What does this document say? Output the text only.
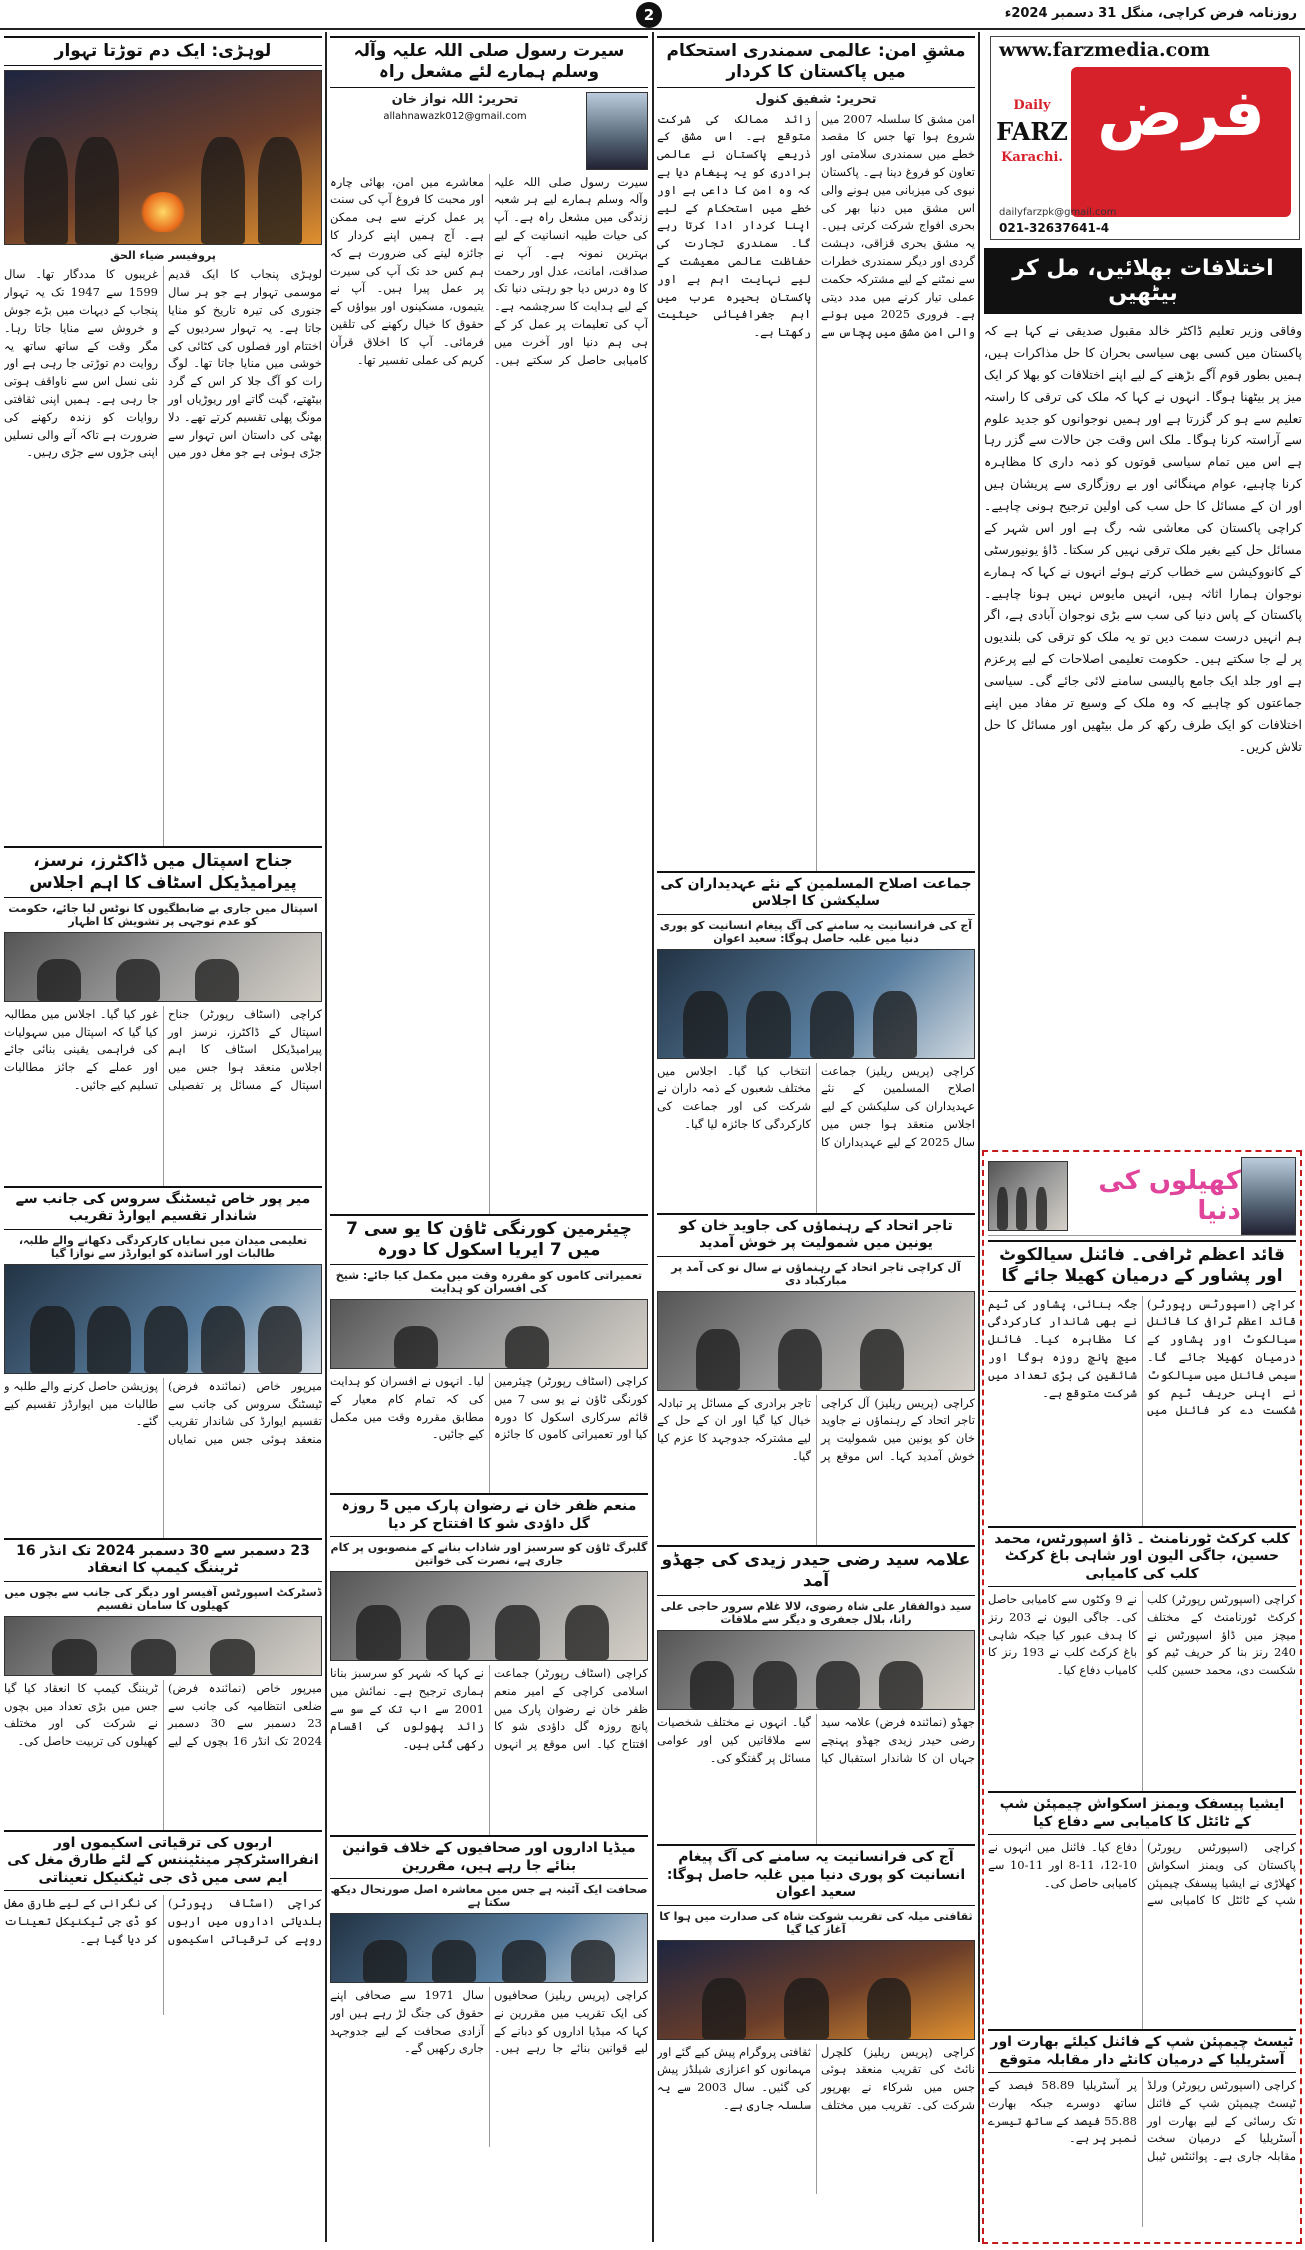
روزنامہ فرض کراچی، منگل 31 دسمبر 2024ء
2
www.farzmedia.com
Daily
FARZ
Karachi.
فرض
dailyfarzpk@gmail.com
021-32637641-4
اختلافات بھلائیں، مل کر بیٹھیں
وفاقی وزیر تعلیم ڈاکٹر خالد مقبول صدیقی نے کہا ہے کہ پاکستان میں کسی بھی سیاسی بحران کا حل مذاکرات ہیں، ہمیں بطور قوم آگے بڑھنے کے لیے اپنے اختلافات کو بھلا کر ایک میز پر بیٹھنا ہوگا۔ انہوں نے کہا کہ ملک کی ترقی کا راستہ تعلیم سے ہو کر گزرتا ہے اور ہمیں نوجوانوں کو جدید علوم سے آراستہ کرنا ہوگا۔ ملک اس وقت جن حالات سے گزر رہا ہے اس میں تمام سیاسی قوتوں کو ذمہ داری کا مظاہرہ کرنا چاہیے، عوام مہنگائی اور بے روزگاری سے پریشان ہیں اور ان کے مسائل کا حل سب کی اولین ترجیح ہونی چاہیے۔ کراچی پاکستان کی معاشی شہ رگ ہے اور اس شہر کے مسائل حل کیے بغیر ملک ترقی نہیں کر سکتا۔ ڈاؤ یونیورسٹی کے کانووکیشن سے خطاب کرتے ہوئے انہوں نے کہا کہ ہمارے نوجوان ہمارا اثاثہ ہیں، انہیں مایوس نہیں ہونا چاہیے۔ پاکستان کے پاس دنیا کی سب سے بڑی نوجوان آبادی ہے، اگر ہم انہیں درست سمت دیں تو یہ ملک کو ترقی کی بلندیوں پر لے جا سکتے ہیں۔ حکومت تعلیمی اصلاحات کے لیے پرعزم ہے اور جلد ایک جامع پالیسی سامنے لائی جائے گی۔ سیاسی جماعتوں کو چاہیے کہ وہ ملک کے وسیع تر مفاد میں اپنے اختلافات کو ایک طرف رکھ کر مل بیٹھیں اور مسائل کا حل تلاش کریں۔
کھیلوں کی دنیا
قائد اعظم ٹرافی۔ فائنل سیالکوٹ اور پشاور کے درمیان کھیلا جائے گا
کراچی (اسپورٹس رپورٹر) قائد اعظم ٹرافی کا فائنل سیالکوٹ اور پشاور کے درمیان کھیلا جائے گا۔ سیمی فائنل میں سیالکوٹ نے اپنی حریف ٹیم کو شکست دے کر فائنل میں جگہ بنائی، پشاور کی ٹیم نے بھی شاندار کارکردگی کا مظاہرہ کیا۔ فائنل میچ پانچ روزہ ہوگا اور شائقین کی بڑی تعداد میں شرکت متوقع ہے۔
کلب کرکٹ ٹورنامنٹ ۔ ڈاؤ اسپورٹس، محمد حسین، جاگی الیون اور شاہی باغ کرکٹ کلب کی کامیابی
کراچی (اسپورٹس رپورٹر) کلب کرکٹ ٹورنامنٹ کے مختلف میچز میں ڈاؤ اسپورٹس نے 240 رنز بنا کر حریف ٹیم کو شکست دی، محمد حسین کلب نے 9 وکٹوں سے کامیابی حاصل کی۔ جاگی الیون نے 203 رنز کا ہدف عبور کیا جبکہ شاہی باغ کرکٹ کلب نے 193 رنز کا کامیاب دفاع کیا۔
ایشیا پیسفک ویمنز اسکواش چیمپئن شپ کے ٹائٹل کا کامیابی سے دفاع کیا
کراچی (اسپورٹس رپورٹر) پاکستان کی ویمنز اسکواش کھلاڑی نے ایشیا پیسفک چیمپئن شپ کے ٹائٹل کا کامیابی سے دفاع کیا۔ فائنل میں انہوں نے 10-12، 11-8 اور 11-10 سے کامیابی حاصل کی۔
ٹیسٹ چیمپئن شپ کے فائنل کیلئے بھارت اور آسٹریلیا کے درمیان کانٹے دار مقابلہ متوقع
کراچی (اسپورٹس رپورٹر) ورلڈ ٹیسٹ چیمپئن شپ کے فائنل تک رسائی کے لیے بھارت اور آسٹریلیا کے درمیان سخت مقابلہ جاری ہے۔ پوائنٹس ٹیبل پر آسٹریلیا 58.89 فیصد کے ساتھ دوسرے جبکہ بھارت 55.88 فیصد کے ساتھ تیسرے نمبر پر ہے۔
مشقِ امن: عالمی سمندری استحکام میں پاکستان کا کردار
تحریر: شفیق کنول
امن مشق کا سلسلہ 2007 میں شروع ہوا تھا جس کا مقصد خطے میں سمندری سلامتی اور تعاون کو فروغ دینا ہے۔ پاکستان نیوی کی میزبانی میں ہونے والی اس مشق میں دنیا بھر کی بحری افواج شرکت کرتی ہیں۔ یہ مشق بحری قزاقی، دہشت گردی اور دیگر سمندری خطرات سے نمٹنے کے لیے مشترکہ حکمت عملی تیار کرنے میں مدد دیتی ہے۔ فروری 2025 میں ہونے والی امن مشق میں پچاس سے زائد ممالک کی شرکت متوقع ہے۔ اس مشق کے ذریعے پاکستان نے عالمی برادری کو یہ پیغام دیا ہے کہ وہ امن کا داعی ہے اور خطے میں استحکام کے لیے اپنا کردار ادا کرتا رہے گا۔ سمندری تجارت کی حفاظت عالمی معیشت کے لیے نہایت اہم ہے اور پاکستان بحیرہ عرب میں اہم جغرافیائی حیثیت رکھتا ہے۔
جماعت اصلاح المسلمین کے نئے عہدیداران کی سلیکشن کا اجلاس
آج کی فرانسانیت یہ سامنے کی آگ پیغام انسانیت کو پوری دنیا میں غلبہ حاصل ہوگا: سعید اعوان
کراچی (پریس ریلیز) جماعت اصلاح المسلمین کے نئے عہدیداران کی سلیکشن کے لیے اجلاس منعقد ہوا جس میں سال 2025 کے لیے عہدیداران کا انتخاب کیا گیا۔ اجلاس میں مختلف شعبوں کے ذمہ داران نے شرکت کی اور جماعت کی کارکردگی کا جائزہ لیا گیا۔
تاجر اتحاد کے رہنماؤں کی جاوید خان کو یونین میں شمولیت پر خوش آمدید
آل کراچی تاجر اتحاد کے رہنماؤں نے سال نو کی آمد پر مبارکباد دی
کراچی (پریس ریلیز) آل کراچی تاجر اتحاد کے رہنماؤں نے جاوید خان کو یونین میں شمولیت پر خوش آمدید کہا۔ اس موقع پر تاجر برادری کے مسائل پر تبادلہ خیال کیا گیا اور ان کے حل کے لیے مشترکہ جدوجہد کا عزم کیا گیا۔
علامہ سید رضی حیدر زیدی کی جھڈو آمد
سید ذوالفقار علی شاہ رضوی، لالا غلام سرور حاجی علی رانا، بلال جعفری و دیگر سے ملاقات
جھڈو (نمائندہ فرض) علامہ سید رضی حیدر زیدی جھڈو پہنچے جہاں ان کا شاندار استقبال کیا گیا۔ انہوں نے مختلف شخصیات سے ملاقاتیں کیں اور عوامی مسائل پر گفتگو کی۔
آج کی فرانسانیت یہ سامنے کی آگ پیغام انسانیت کو پوری دنیا میں غلبہ حاصل ہوگا: سعید اعوان
ثقافتی میلہ کی تقریب شوکت شاہ کی صدارت میں ہوا کا آغاز کیا گیا
کراچی (پریس ریلیز) کلچرل نائٹ کی تقریب منعقد ہوئی جس میں شرکاء نے بھرپور شرکت کی۔ تقریب میں مختلف ثقافتی پروگرام پیش کیے گئے اور مہمانوں کو اعزازی شیلڈز پیش کی گئیں۔ سال 2003 سے یہ سلسلہ جاری ہے۔
سیرت رسول صلی اللہ علیہ وآلہ وسلم ہمارے لئے مشعل راہ
تحریر: اللہ نواز خان
allahnawazk012@gmail.com
سیرت رسول صلی اللہ علیہ وآلہ وسلم ہمارے لیے ہر شعبہ زندگی میں مشعل راہ ہے۔ آپ کی حیات طیبہ انسانیت کے لیے بہترین نمونہ ہے۔ آپ نے صداقت، امانت، عدل اور رحمت کا وہ درس دیا جو رہتی دنیا تک کے لیے ہدایت کا سرچشمہ ہے۔ آپ کی تعلیمات پر عمل کر کے ہی ہم دنیا اور آخرت میں کامیابی حاصل کر سکتے ہیں۔ معاشرے میں امن، بھائی چارہ اور محبت کا فروغ آپ کی سنت پر عمل کرنے سے ہی ممکن ہے۔ آج ہمیں اپنے کردار کا جائزہ لینے کی ضرورت ہے کہ ہم کس حد تک آپ کی سیرت پر عمل پیرا ہیں۔ آپ نے یتیموں، مسکینوں اور بیواؤں کے حقوق کا خیال رکھنے کی تلقین فرمائی۔ آپ کا اخلاق قرآن کریم کی عملی تفسیر تھا۔
چیئرمین کورنگی ٹاؤن کا یو سی 7 میں 7 ایریا اسکول کا دورہ
تعمیراتی کاموں کو مقررہ وقت میں مکمل کیا جائے: شیخ کی افسران کو ہدایت
کراچی (اسٹاف رپورٹر) چیئرمین کورنگی ٹاؤن نے یو سی 7 میں قائم سرکاری اسکول کا دورہ کیا اور تعمیراتی کاموں کا جائزہ لیا۔ انہوں نے افسران کو ہدایت کی کہ تمام کام معیار کے مطابق مقررہ وقت میں مکمل کیے جائیں۔
منعم ظفر خان نے رضوان پارک میں 5 روزہ گل داؤدی شو کا افتتاح کر دیا
گلبرگ ٹاؤن کو سرسبز اور شاداب بنانے کے منصوبوں پر کام جاری ہے، نصرت کی خواتین
کراچی (اسٹاف رپورٹر) جماعت اسلامی کراچی کے امیر منعم ظفر خان نے رضوان پارک میں پانچ روزہ گل داؤدی شو کا افتتاح کیا۔ اس موقع پر انہوں نے کہا کہ شہر کو سرسبز بنانا ہماری ترجیح ہے۔ نمائش میں 2001 سے اب تک کے سو سے زائد پھولوں کی اقسام رکھی گئی ہیں۔
میڈیا اداروں اور صحافیوں کے خلاف قوانین بنائے جا رہے ہیں، مقررین
صحافت ایک آئینہ ہے جس میں معاشرہ اصل صورتحال دیکھ سکتا ہے
کراچی (پریس ریلیز) صحافیوں کی ایک تقریب میں مقررین نے کہا کہ میڈیا اداروں کو دبانے کے لیے قوانین بنائے جا رہے ہیں۔ سال 1971 سے صحافی اپنے حقوق کی جنگ لڑ رہے ہیں اور آزادی صحافت کے لیے جدوجہد جاری رکھیں گے۔
لوہڑی: ایک دم توڑتا تہوار
پروفیسر ضیاء الحق
لوہڑی پنجاب کا ایک قدیم موسمی تہوار ہے جو ہر سال جنوری کی تیرہ تاریخ کو منایا جاتا ہے۔ یہ تہوار سردیوں کے اختتام اور فصلوں کی کٹائی کی خوشی میں منایا جاتا تھا۔ لوگ رات کو آگ جلا کر اس کے گرد بیٹھتے، گیت گاتے اور ریوڑیاں اور مونگ پھلی تقسیم کرتے تھے۔ دلا بھٹی کی داستان اس تہوار سے جڑی ہوئی ہے جو مغل دور میں غریبوں کا مددگار تھا۔ سال 1599 سے 1947 تک یہ تہوار پنجاب کے دیہات میں بڑے جوش و خروش سے منایا جاتا رہا۔ مگر وقت کے ساتھ ساتھ یہ روایت دم توڑتی جا رہی ہے اور نئی نسل اس سے ناواقف ہوتی جا رہی ہے۔ ہمیں اپنی ثقافتی روایات کو زندہ رکھنے کی ضرورت ہے تاکہ آنے والی نسلیں اپنی جڑوں سے جڑی رہیں۔
جناح اسپتال میں ڈاکٹرز، نرسز، پیرامیڈیکل اسٹاف کا اہم اجلاس
اسپتال میں جاری بے ضابطگیوں کا نوٹس لیا جائے، حکومت کو عدم توجہی پر تشویش کا اظہار
کراچی (اسٹاف رپورٹر) جناح اسپتال کے ڈاکٹرز، نرسز اور پیرامیڈیکل اسٹاف کا اہم اجلاس منعقد ہوا جس میں اسپتال کے مسائل پر تفصیلی غور کیا گیا۔ اجلاس میں مطالبہ کیا گیا کہ اسپتال میں سہولیات کی فراہمی یقینی بنائی جائے اور عملے کے جائز مطالبات تسلیم کیے جائیں۔
میر پور خاص ٹیسٹنگ سروس کی جانب سے شاندار تقسیم ایوارڈ تقریب
تعلیمی میدان میں نمایاں کارکردگی دکھانے والے طلبہ، طالبات اور اساتذہ کو ایوارڈز سے نوازا گیا
میرپور خاص (نمائندہ فرض) ٹیسٹنگ سروس کی جانب سے تقسیم ایوارڈ کی شاندار تقریب منعقد ہوئی جس میں نمایاں پوزیشن حاصل کرنے والے طلبہ و طالبات میں ایوارڈز تقسیم کیے گئے۔
23 دسمبر سے 30 دسمبر 2024 تک انڈر 16 ٹریننگ کیمپ کا انعقاد
ڈسٹرکٹ اسپورٹس آفیسر اور دیگر کی جانب سے بچوں میں کھیلوں کا سامان تقسیم
میرپور خاص (نمائندہ فرض) ضلعی انتظامیہ کی جانب سے 23 دسمبر سے 30 دسمبر 2024 تک انڈر 16 بچوں کے لیے ٹریننگ کیمپ کا انعقاد کیا گیا جس میں بڑی تعداد میں بچوں نے شرکت کی اور مختلف کھیلوں کی تربیت حاصل کی۔
اربوں کی ترقیاتی اسکیموں اور انفرااسٹرکچر مینٹیننس کے لئے طارق مغل کی ایم سی میں ڈی جی ٹیکنیکل تعیناتی
کراچی (اسٹاف رپورٹر) بلدیاتی اداروں میں اربوں روپے کی ترقیاتی اسکیموں کی نگرانی کے لیے طارق مغل کو ڈی جی ٹیکنیکل تعینات کر دیا گیا ہے۔
